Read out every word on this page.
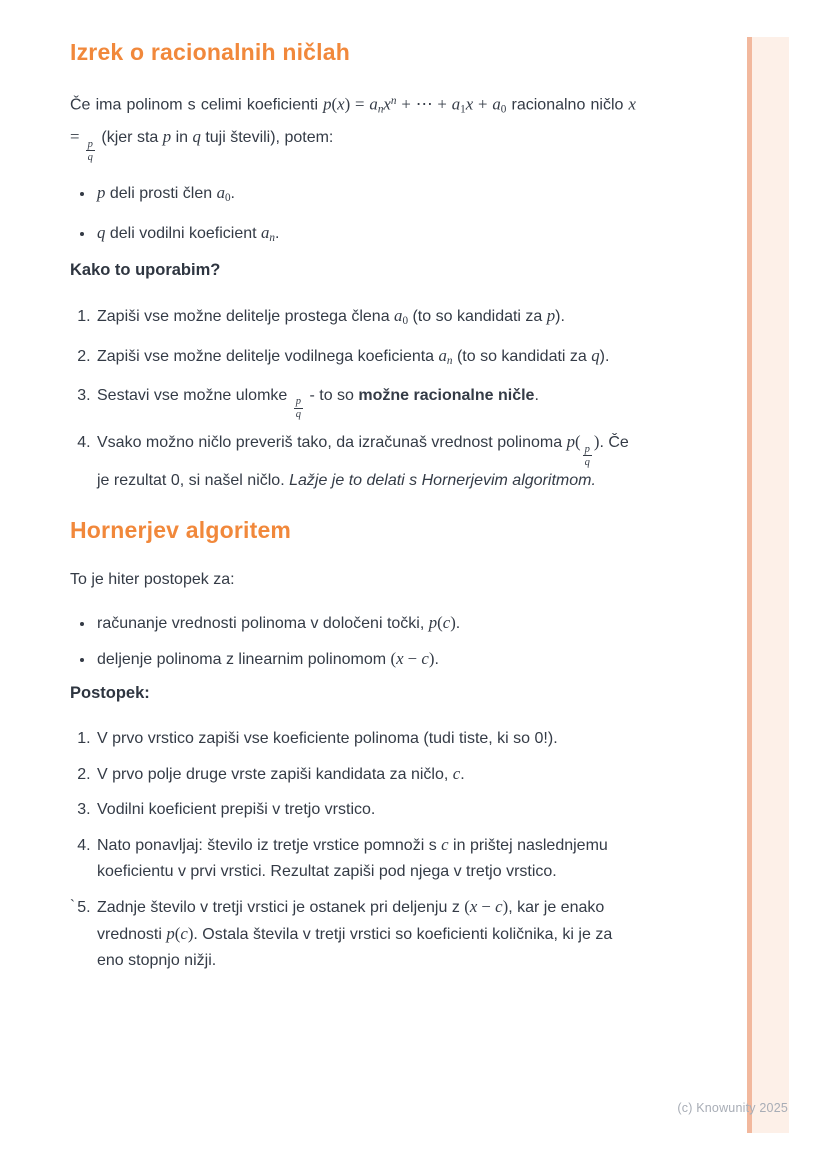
Izrek o racionalnih ničlah

Če ima polinom s celimi koeficienti $p(x) = a_nx^n$ + ⋯ + $a_1x + a_0$ racionalno ničlo x =
$\frac{p}{q}$
(kjer sta p in q tuji števili), potem:

• p deli prosti člen $a_0$.
• q deli vodilni koeficient $a_n$.

Kako to uporabim?

1. Zapiši vse možne delitelje prostega člena $a_0$ (to so kandidati za p).
2. Zapiši vse možne delitelje vodilnega koeficienta $a_n$ (to so kandidati za q).
3. Sestavi vse možne ulomke
$\frac{p}{q}$
- to so možne racionalne ničle.
4. Vsako možno ničlo preveriš tako, da izračunaš vrednost polinoma p(
$\frac{p}{q}$
). Če je rezultat 0, si našel ničlo. Lažje je to delati s Hornerjevim algoritmom.
Hornerjev algoritem

To je hiter postopek za:

• računanje vrednosti polinoma v določeni točki, p(c).
• deljenje polinoma z linearnim polinomom (x − c).

Postopek:

1. V prvo vrstico zapiši vse koeficiente polinoma (tudi tiste, ki so 0!).
2. V prvo polje druge vrste zapiši kandidata za ničlo, c.
3. Vodilni koeficient prepiši v tretjo vrstico.
4. Nato ponavljaj: število iz tretje vrstice pomnoži s c in prištej naslednjemu koeficientu v prvi vrstici. Rezultat zapiši pod njega v tretjo vrstico.
5. Zadnje število v tretji vrstici je ostanek pri deljenju z (x − c), kar je enako vrednosti p(c). Ostala števila v tretji vrstici so koeficienti količnika, ki je za eno stopnjo nižji.
`
(c) Knowunity 2025
